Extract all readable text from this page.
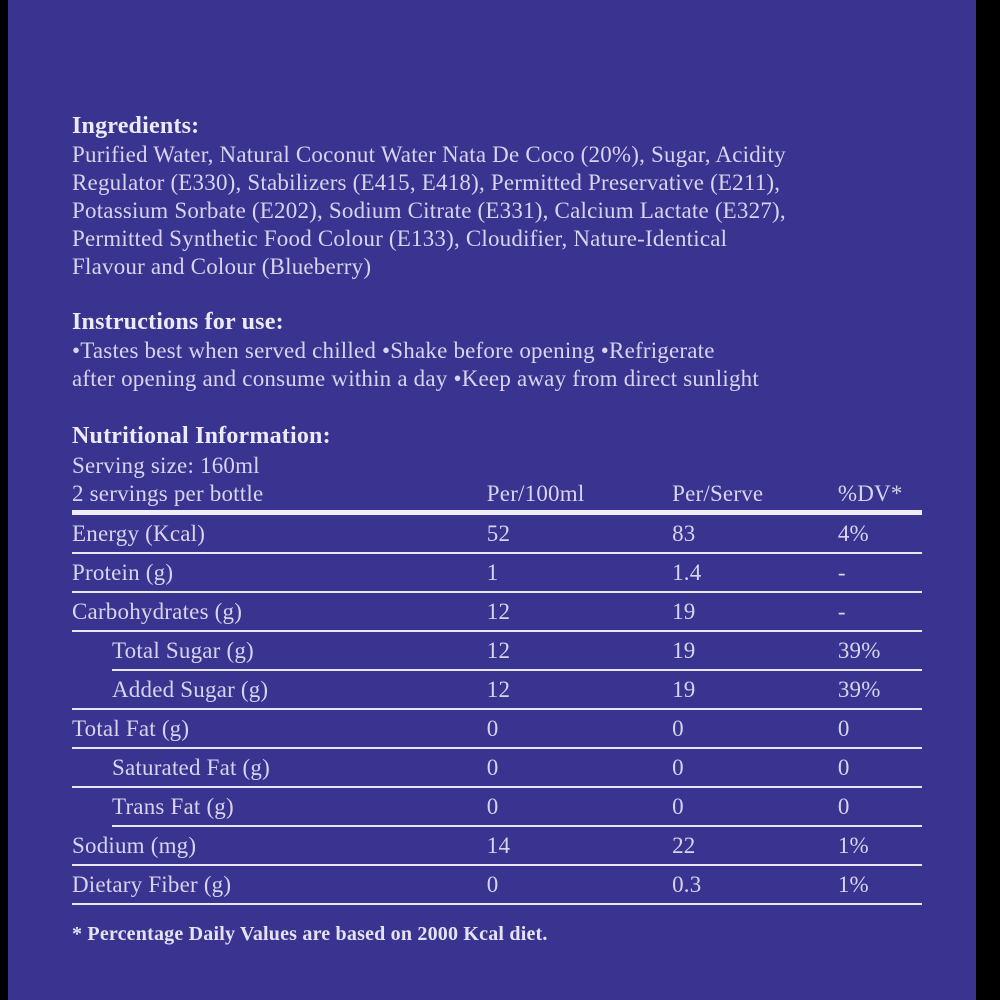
Ingredients:
Purified Water, Natural Coconut Water Nata De Coco (20%), Sugar, Acidity
Regulator (E330), Stabilizers (E415, E418), Permitted Preservative (E211),
Potassium Sorbate (E202), Sodium Citrate (E331), Calcium Lactate (E327),
Permitted Synthetic Food Colour (E133), Cloudifier, Nature-Identical
Flavour and Colour (Blueberry)
Instructions for use:
•Tastes best when served chilled •Shake before opening •Refrigerate
after opening and consume within a day •Keep away from direct sunlight
Nutritional Information:
Serving size: 160ml
2 servings per bottle	Per/100ml	Per/Serve	%DV*
Energy (Kcal)	52	83	4%
Protein (g)	1	1.4	-
Carbohydrates (g)	12	19	-
Total Sugar (g)	12	19	39%
Added Sugar (g)	12	19	39%
Total Fat (g)	0	0	0
Saturated Fat (g)	0	0	0
Trans Fat (g)	0	0	0
Sodium (mg)	14	22	1%
Dietary Fiber (g)	0	0.3	1%
* Percentage Daily Values are based on 2000 Kcal diet.
